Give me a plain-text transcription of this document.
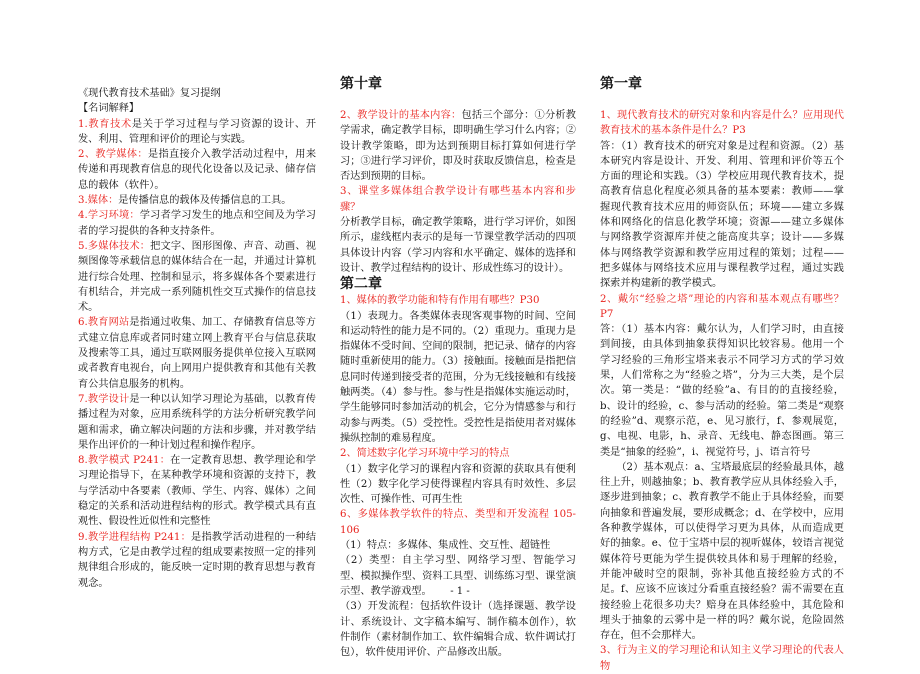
《现代教育技术基础》复习提纲

【名词解释】

1.教育技术是关于学习过程与学习资源的设计、开发、利用、管理和评价的理论与实践。

2、教学媒体：是指直接介入教学活动过程中，用来传递和再现教育信息的现代化设备以及记录、储存信息的载体（软件）。

3.媒体：是传播信息的载体及传播信息的工具。

4.学习环境：学习者学习发生的地点和空间及为学习者的学习提供的各种支持条件。

5.多媒体技术：把文字、图形图像、声音、动画、视频图像等承载信息的媒体结合在一起，并通过计算机进行综合处理、控制和显示，将多媒体各个要素进行有机结合，并完成一系列随机性交互式操作的信息技术。

6.教育网站是指通过收集、加工、存储教育信息等方式建立信息库或者同时建立网上教育平台与信息获取及搜索等工具，通过互联网服务提供单位接入互联网或者教育电视台，向上网用户提供教育和其他有关教育公共信息服务的机构。

7.教学设计是一种以认知学习理论为基础，以教育传播过程为对象，应用系统科学的方法分析研究教学问题和需求，确立解决问题的方法和步骤，并对教学结果作出评价的一种计划过程和操作程序。

8.教学模式 P241：在一定教育思想、教学理论和学习理论指导下，在某种教学环境和资源的支持下，教与学活动中各要素（教师、学生、内容、媒体）之间稳定的关系和活动进程结构的形式。教学模式具有直观性、假设性近似性和完整性

9.教学进程结构 P241：是指教学活动进程的一种结构方式，它是由教学过程的组成要素按照一定的排列规律组合形成的，能反映一定时期的教育思想与教育观念。

第十章

2、教学设计的基本内容：包括三个部分：①分析教学需求，确定教学目标，即明确生学习什么内容；②设计教学策略，即为达到预期目标打算如何进行学习；③进行学习评价，即及时获取反馈信息，检查是否达到预期的目标。

3、课堂多媒体组合教学设计有哪些基本内容和步骤？

分析教学目标，确定教学策略，进行学习评价，如图所示，虚线框内表示的是每一节课堂教学活动的四项具体设计内容（学习内容和水平确定、媒体的选择和设计、教学过程结构的设计、形成性练习的设计）。

第二章

1、媒体的教学功能和特有作用有哪些？P30

（1）表现力。各类媒体表现客观事物的时间、空间和运动特性的能力是不同的。（2）重现力。重现力是指媒体不受时间、空间的限制，把记录、储存的内容随时重新使用的能力。（3）接触面。接触面是指把信息同时传递到接受者的范围，分为无线接触和有线接触两类。（4）参与性。参与性是指媒体实施运动时，学生能够同时参加活动的机会，它分为情感参与和行动参与两类。（5）受控性。受控性是指使用者对媒体操纵控制的难易程度。

2、简述数字化学习环境中学习的特点

（1）数字化学习的课程内容和资源的获取具有便利性（2）数字化学习使得课程内容具有时效性、多层次性、可操作性、可再生性

6、多媒体教学软件的特点、类型和开发流程 105-106

（1）特点：多媒体、集成性、交互性、超链性

（2）类型：自主学习型、网络学习型、智能学习型、模拟操作型、资料工具型、训练练习型、课堂演示型、教学游戏型。

（3）开发流程：包括软件设计（选择课题、教学设计、系统设计、文字稿本编写、制作稿本创作），软件制作（素材制作加工、软件编辑合成、软件调试打包），软件使用评价、产品修改出版。

第一章

1、现代教育技术的研究对象和内容是什么？应用现代教育技术的基本条件是什么？P3

答：（1）教育技术的研究对象是过程和资源。（2）基本研究内容是设计、开发、利用、管理和评价等五个方面的理论和实践。（3）学校应用现代教育技术，提高教育信息化程度必须具备的基本要素：教师——掌握现代教育技术应用的师资队伍；环境——建立多媒体和网络化的信息化教学环境；资源——建立多媒体与网络教学资源库并使之能高度共享；设计——多媒体与网络教学资源和教学应用过程的策划；过程——把多媒体与网络技术应用与课程教学过程，通过实践探索并构建新的教学模式。

2、戴尔“经验之塔”理论的内容和基本观点有哪些？P7

答：（1）基本内容：戴尔认为，人们学习时，由直接到间接，由具体到抽象获得知识比较容易。他用一个学习经验的三角形宝塔来表示不同学习方式的学习效果，人们常称之为“经验之塔”，分为三大类，是个层次。第一类是：“做的经验”a、有目的的直接经验，b、设计的经验，c、参与活动的经验。第二类是“观察的经验”d、观察示范，e、见习旅行，f、参观展览，g、电视、电影，h、录音、无线电、静态图画。第三类是“抽象的经验”，i、视觉符号，j、语言符号

（2）基本观点：a、宝塔最底层的经验最具体，越往上升，则越抽象；b、教育教学应从具体经验入手，逐步进到抽象；c、教育教学不能止于具体经验，而要向抽象和普遍发展，要形成概念；d、在学校中，应用各种教学媒体，可以使得学习更为具体，从而造成更好的抽象。e、位于宝塔中层的视听媒体，较语言视觉媒体符号更能为学生提供较具体和易于理解的经验，并能冲破时空的限制，弥补其他直接经验方式的不足。f、应该不应该过分看重直接经验？需不需要在直接经验上花很多功夫？赔身在具体经验中，其危险和埋头于抽象的云雾中是一样的吗？戴尔说，危险固然存在，但不会那样大。

3、行为主义的学习理论和认知主义学习理论的代表人物

- 1 -
